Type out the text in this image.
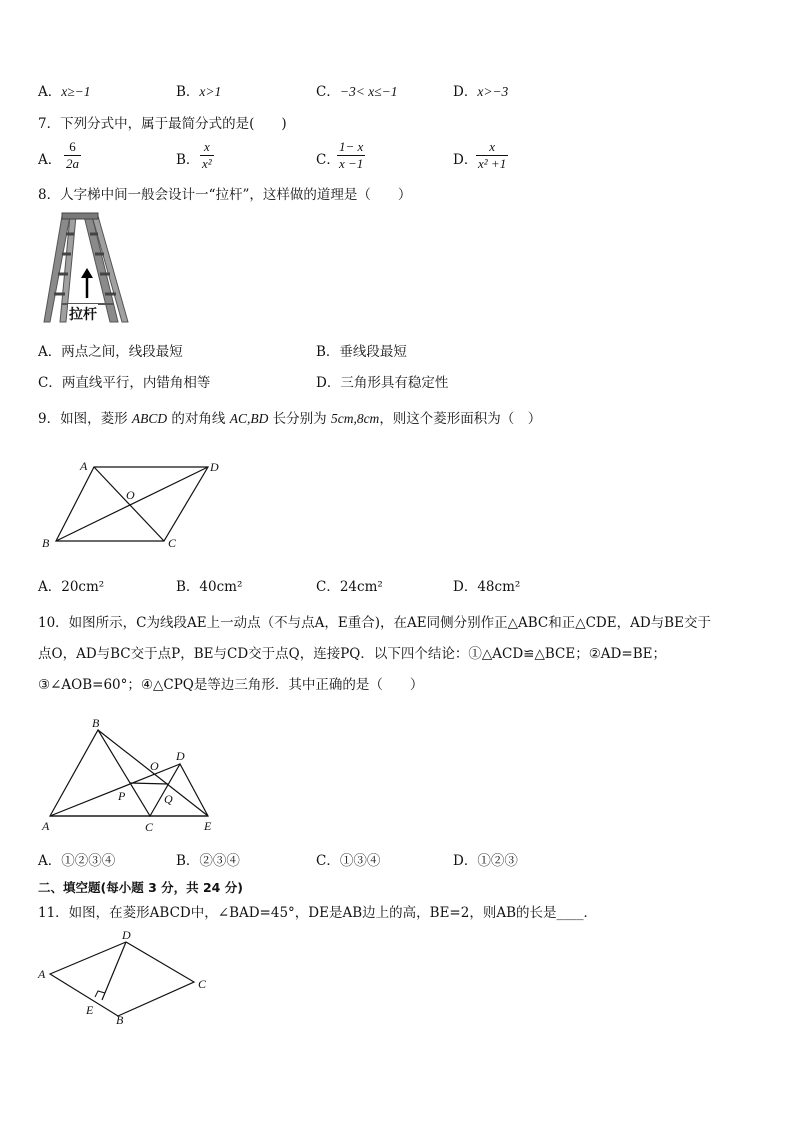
A．x≥−1	B．x>1	C．−3< x≤−1	D．x>−3
7．下列分式中，属于最简分式的是(　　)
A．
6
2a	B．
x
x²	C．
1− x
x −1	D．
x
x² +1
8．人字梯中间一般会设计一“拉杆”，这样做的道理是（　　）
拉杆
A．两点之间，线段最短	B．垂线段最短
C．两直线平行，内错角相等	D．三角形具有稳定性
9．如图，菱形 ABCD 的对角线 AC,BD 长分别为 5cm,8cm，则这个菱形面积为（　）
A	D
O
B	C
A．20cm²	B．40cm²	C．24cm²	D．48cm²
10．如图所示，C为线段AE上一动点（不与点A，E重合)，在AE同侧分别作正△ABC和正△CDE，AD与BE交于
点O，AD与BC交于点P，BE与CD交于点Q，连接PQ．以下四个结论：①△ACD≌△BCE；②AD=BE；
③∠AOB=60°；④△CPQ是等边三角形．其中正确的是（　　）
B
D
O
P	Q
A	C	E
A．①②③④	B．②③④	C．①③④	D．①②③
二、填空题(每小题 3 分，共 24 分)
11．如图，在菱形ABCD中，∠BAD=45°，DE是AB边上的高，BE=2，则AB的长是____．
D
A
C
E
B
